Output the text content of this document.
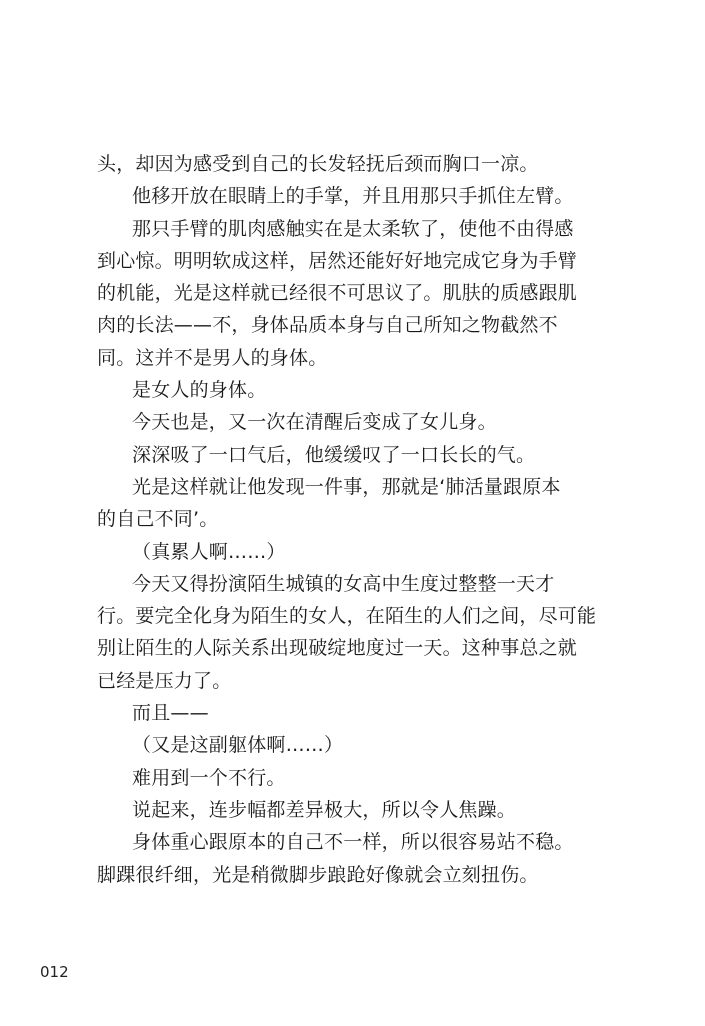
头，却因为感受到自己的长发轻抚后颈而胸口一凉。
他移开放在眼睛上的手掌，并且用那只手抓住左臂。
那只手臂的肌肉感触实在是太柔软了，使他不由得感
到心惊。明明软成这样，居然还能好好地完成它身为手臂
的机能，光是这样就已经很不可思议了。肌肤的质感跟肌
肉的长法——不，身体品质本身与自己所知之物截然不
同。这并不是男人的身体。
是女人的身体。
今天也是，又一次在清醒后变成了女儿身。
深深吸了一口气后，他缓缓叹了一口长长的气。
光是这样就让他发现一件事，那就是‘肺活量跟原本
的自己不同’。
（真累人啊……）
今天又得扮演陌生城镇的女高中生度过整整一天才
行。要完全化身为陌生的女人，在陌生的人们之间，尽可能
别让陌生的人际关系出现破绽地度过一天。这种事总之就
已经是压力了。
而且——
（又是这副躯体啊……）
难用到一个不行。
说起来，连步幅都差异极大，所以令人焦躁。
身体重心跟原本的自己不一样，所以很容易站不稳。
脚踝很纤细，光是稍微脚步踉跄好像就会立刻扭伤。
012
